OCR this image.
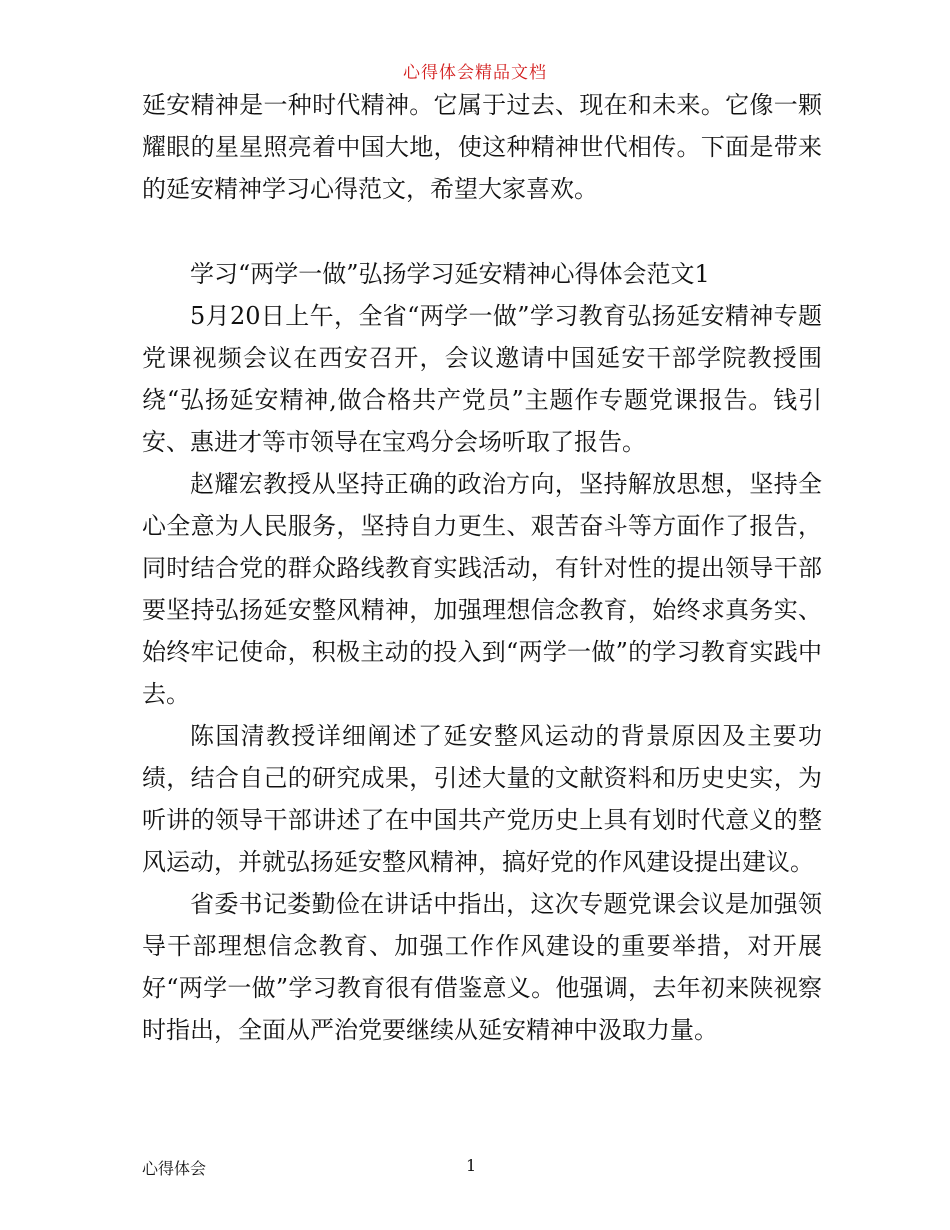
心得体会精品文档

延安精神是一种时代精神。它属于过去、现在和未来。它像一颗耀眼的星星照亮着中国大地，使这种精神世代相传。下面是带来的延安精神学习心得范文，希望大家喜欢。

学习“两学一做”弘扬学习延安精神心得体会范文1

5月20日上午，全省“两学一做”学习教育弘扬延安精神专题党课视频会议在西安召开，会议邀请中国延安干部学院教授围绕“弘扬延安精神,做合格共产党员”主题作专题党课报告。钱引安、惠进才等市领导在宝鸡分会场听取了报告。

赵耀宏教授从坚持正确的政治方向，坚持解放思想，坚持全心全意为人民服务，坚持自力更生、艰苦奋斗等方面作了报告，同时结合党的群众路线教育实践活动，有针对性的提出领导干部要坚持弘扬延安整风精神，加强理想信念教育，始终求真务实、始终牢记使命，积极主动的投入到“两学一做”的学习教育实践中去。

陈国清教授详细阐述了延安整风运动的背景原因及主要功绩，结合自己的研究成果，引述大量的文献资料和历史史实，为听讲的领导干部讲述了在中国共产党历史上具有划时代意义的整风运动，并就弘扬延安整风精神，搞好党的作风建设提出建议。

省委书记娄勤俭在讲话中指出，这次专题党课会议是加强领导干部理想信念教育、加强工作作风建设的重要举措，对开展好“两学一做”学习教育很有借鉴意义。他强调，去年初来陕视察时指出，全面从严治党要继续从延安精神中汲取力量。

心得体会	1
